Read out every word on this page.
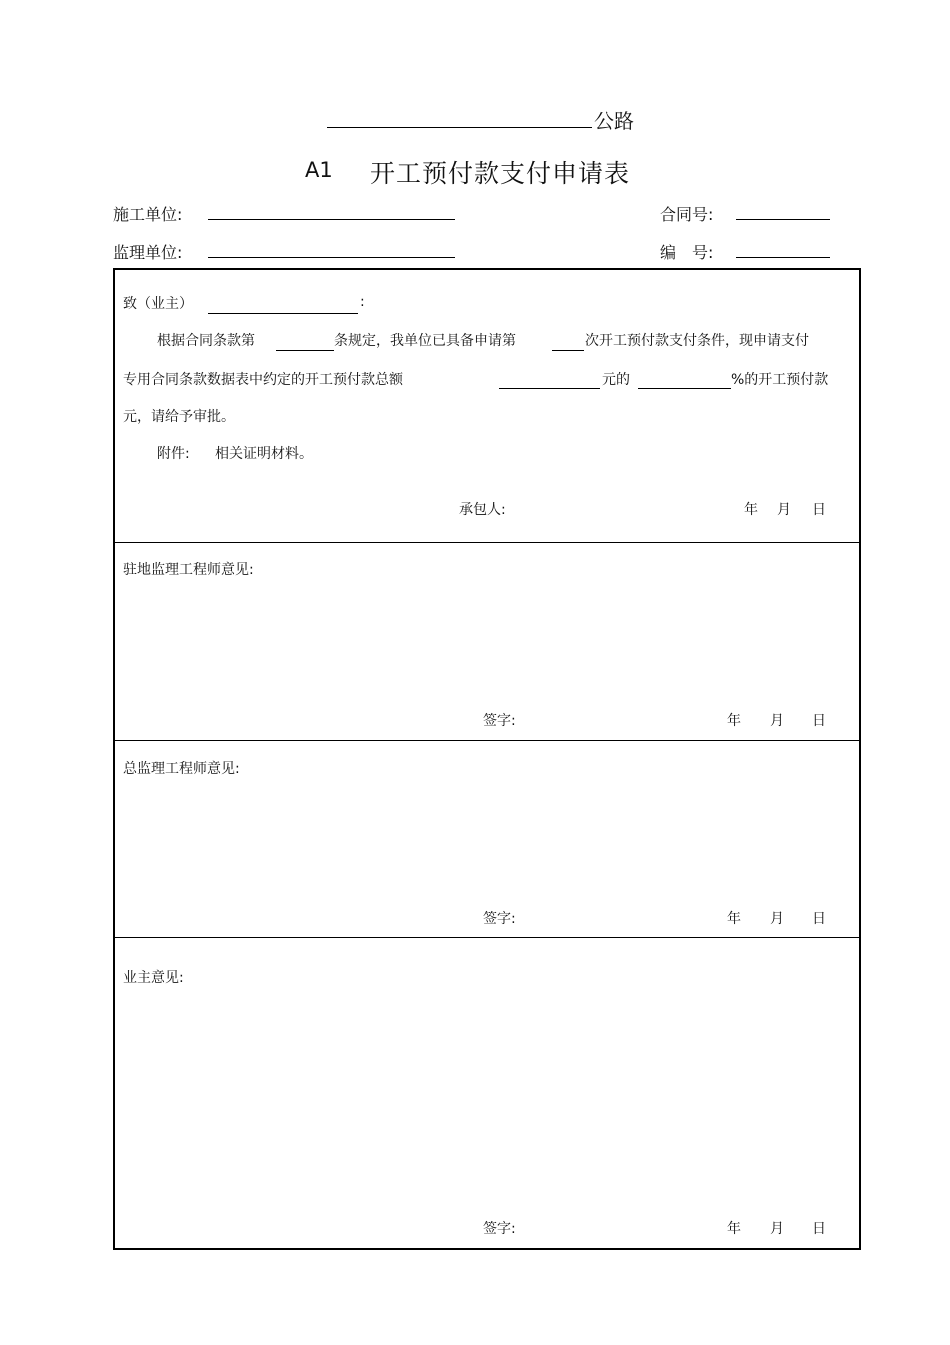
公路
A1 开工预付款支付申请表
施工单位:	合同号:
监理单位:	编　号:
致（业主）	:
根据合同条款第	条规定，我单位已具备申请第	次开工预付款支付条件，现申请支付
专用合同条款数据表中约定的开工预付款总额	元的	%的开工预付款
元，请给予审批。
附件: 相关证明材料。
承包人:	年 月 日
驻地监理工程师意见:
签字:	年 月 日
总监理工程师意见:
签字:	年 月 日
业主意见:
签字:	年 月 日
